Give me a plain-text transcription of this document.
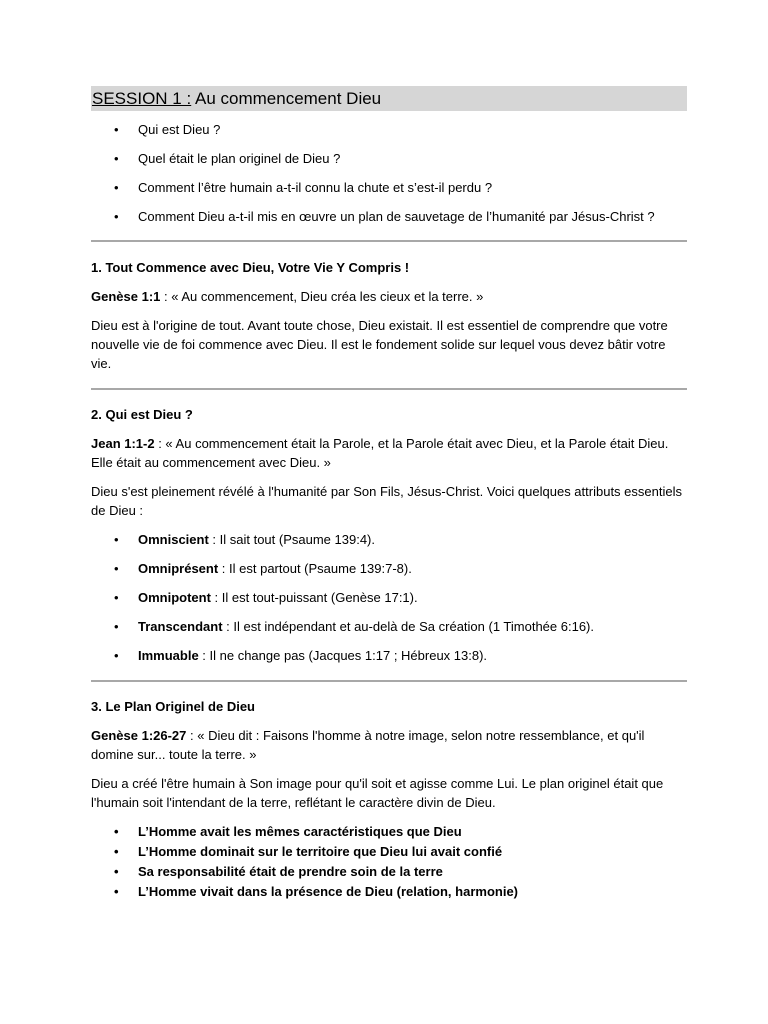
SESSION 1 : Au commencement Dieu
• Qui est Dieu ?
• Quel était le plan originel de Dieu ?
• Comment l’être humain a-t-il connu la chute et s’est-il perdu ?
• Comment Dieu a-t-il mis en œuvre un plan de sauvetage de l’humanité par Jésus-Christ ?
1. Tout Commence avec Dieu, Votre Vie Y Compris !

Genèse 1:1 : « Au commencement, Dieu créa les cieux et la terre. »

Dieu est à l'origine de tout. Avant toute chose, Dieu existait. Il est essentiel de comprendre que votre nouvelle vie de foi commence avec Dieu. Il est le fondement solide sur lequel vous devez bâtir votre vie.

2. Qui est Dieu ?

Jean 1:1-2 : « Au commencement était la Parole, et la Parole était avec Dieu, et la Parole était Dieu. Elle était au commencement avec Dieu. »

Dieu s'est pleinement révélé à l'humanité par Son Fils, Jésus-Christ. Voici quelques attributs essentiels de Dieu :

• Omniscient : Il sait tout (Psaume 139:4).
• Omniprésent : Il est partout (Psaume 139:7-8).
• Omnipotent : Il est tout-puissant (Genèse 17:1).
• Transcendant : Il est indépendant et au-delà de Sa création (1 Timothée 6:16).
• Immuable : Il ne change pas (Jacques 1:17 ; Hébreux 13:8).
3. Le Plan Originel de Dieu

Genèse 1:26-27 : « Dieu dit : Faisons l'homme à notre image, selon notre ressemblance, et qu'il domine sur... toute la terre. »

Dieu a créé l'être humain à Son image pour qu'il soit et agisse comme Lui. Le plan originel était que l'humain soit l'intendant de la terre, reflétant le caractère divin de Dieu.

• L’Homme avait les mêmes caractéristiques que Dieu
• L’Homme dominait sur le territoire que Dieu lui avait confié
• Sa responsabilité était de prendre soin de la terre
• L’Homme vivait dans la présence de Dieu (relation, harmonie)
